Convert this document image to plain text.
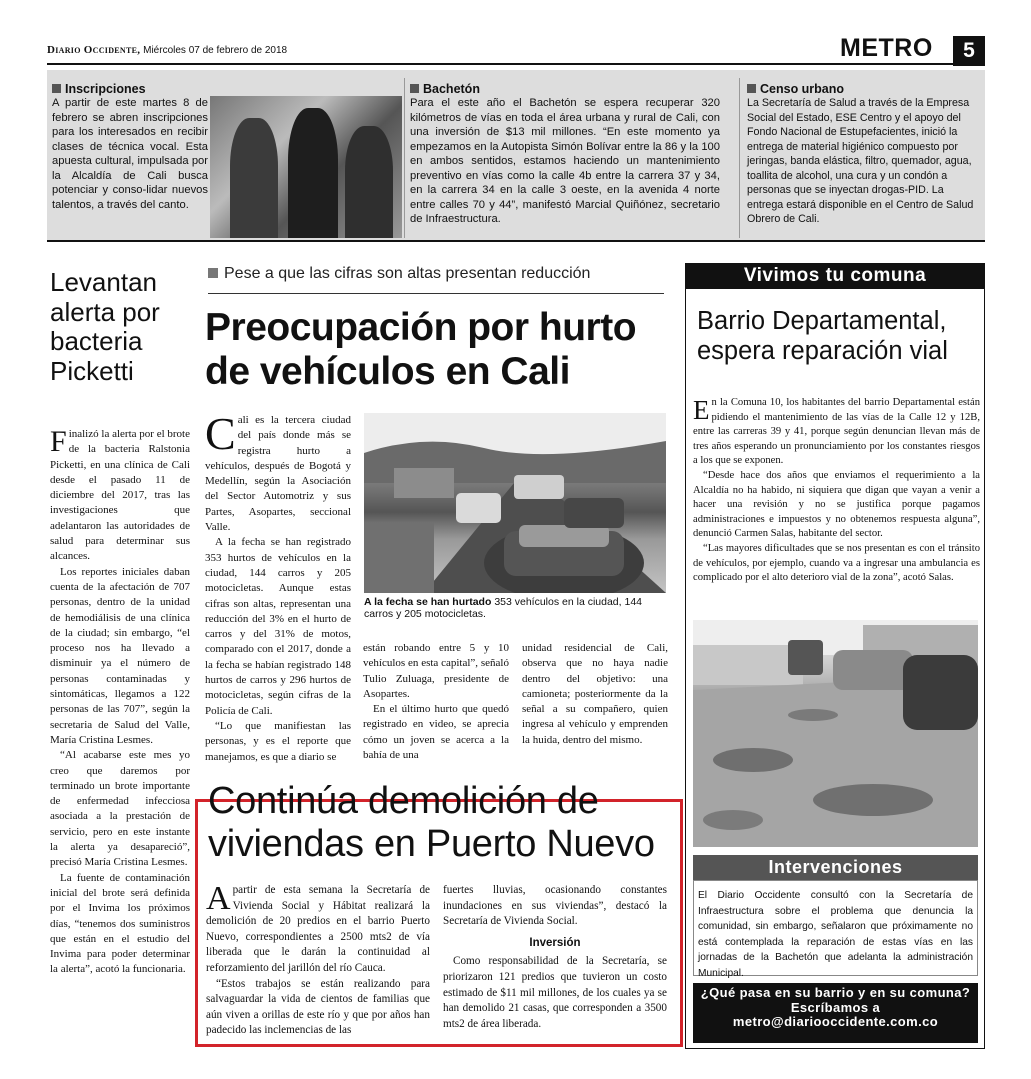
Diario Occidente, Miércoles 07 de febrero de 2018	METRO	5
Inscripciones

A partir de este martes 8 de febrero se abren inscripciones para los interesados en recibir clases de técnica vocal. Esta apuesta cultural, impulsada por la Alcaldía de Cali busca potenciar y conso-lidar nuevos talentos, a través del canto.

Bachetón

Para el este año el Bachetón se espera recuperar 320 kilómetros de vías en toda el área urbana y rural de Cali, con una inversión de $13 mil millones. “En este momento ya empezamos en la Autopista Simón Bolívar entre la 86 y la 100 en ambos sentidos, estamos haciendo un mantenimiento preventivo en vías como la calle 4b entre la carrera 37 y 34, en la carrera 34 en la calle 3 oeste, en la avenida 4 norte entre calles 70 y 44”, manifestó Marcial Quiñónez, secretario de Infraestructura.

Censo urbano

La Secretaría de Salud a través de la Empresa Social del Estado, ESE Centro y el apoyo del Fondo Nacional de Estupefacientes, inició la entrega de material higiénico compuesto por jeringas, banda elástica, filtro, quemador, agua, toallita de alcohol, una cura y un condón a personas que se inyectan drogas-PID. La entrega estará disponible en el Centro de Salud Obrero de Cali.

Levantan alerta por bacteria Picketti

Finalizó la alerta por el brote de la bacteria Ralstonia Picketti, en una clínica de Cali desde el pasado 11 de diciembre del 2017, tras las investigaciones que adelantaron las autoridades de salud para determinar sus alcances.

Los reportes iniciales daban cuenta de la afectación de 707 personas, dentro de la unidad de hemodiálisis de una clínica de la ciudad; sin embargo, “el proceso nos ha llevado a disminuir ya el número de personas contaminadas y sintomáticas, llegamos a 122 personas de las 707”, según la secretaria de Salud del Valle, María Cristina Lesmes.

“Al acabarse este mes yo creo que daremos por terminado un brote importante de enfermedad infecciosa asociada a la prestación de servicio, pero en este instante la alerta ya desapareció”, precisó María Cristina Lesmes.

La fuente de contaminación inicial del brote será definida por el Invima los próximos días, “tenemos dos suministros que están en el estudio del Invima para poder determinar la alerta”, acotó la funcionaria.

Pese a que las cifras son altas presentan reducción
Preocupación por hurto de vehículos en Cali

Cali es la tercera ciudad del país donde más se registra hurto a vehículos, después de Bogotá y Medellín, según la Asociación del Sector Automotriz y sus Partes, Asopartes, seccional Valle.

A la fecha se han registrado 353 hurtos de vehículos en la ciudad, 144 carros y 205 motocicletas. Aunque estas cifras son altas, representan una reducción del 3% en el hurto de carros y del 31% de motos, comparado con el 2017, donde a la fecha se habían registrado 148 hurtos de carros y 296 hurtos de motocicletas, según cifras de la Policía de Cali.

“Lo que manifiestan las personas, y es el reporte que manejamos, es que a diario se

A la fecha se han hurtado 353 vehículos en la ciudad, 144 carros y 205 motocicletas.

están robando entre 5 y 10 vehículos en esta capital”, señaló Tulio Zuluaga, presidente de Asopartes.

En el último hurto que quedó registrado en video, se aprecia cómo un joven se acerca a la bahía de una

unidad residencial de Cali, observa que no haya nadie dentro del objetivo: una camioneta; posteriormente da la señal a su compañero, quien ingresa al vehículo y emprenden la huida, dentro del mismo.

Continúa demolición de viviendas en Puerto Nuevo

Apartir de esta semana la Secretaría de Vivienda Social y Hábitat realizará la demolición de 20 predios en el barrio Puerto Nuevo, correspondientes a 2500 mts2 de vía liberada que le darán la continuidad al reforzamiento del jarillón del río Cauca.

“Estos trabajos se están realizando para salvaguardar la vida de cientos de familias que aún viven a orillas de este río y que por años han padecido las inclemencias de las

fuertes lluvias, ocasionando constantes inundaciones en sus viviendas”, destacó la Secretaría de Vivienda Social.

Inversión

Como responsabilidad de la Secretaría, se priorizaron 121 predios que tuvieron un costo estimado de $11 mil millones, de los cuales ya se han demolido 21 casas, que corresponden a 3500 mts2 de área liberada.

Vivimos tu comuna
Barrio Departamental, espera reparación vial

En la Comuna 10, los habitantes del barrio Departamental están pidiendo el mantenimiento de las vías de la Calle 12 y 12B, entre las carreras 39 y 41, porque según denuncian llevan más de tres años esperando un pronunciamiento por los constantes riesgos a los que se exponen.

“Desde hace dos años que enviamos el requerimiento a la Alcaldía no ha habido, ni siquiera que digan que vayan a venir a hacer una revisión y no se justifica porque pagamos administraciones e impuestos y no obtenemos respuesta alguna”, denunció Carmen Salas, habitante del sector.

“Las mayores dificultades que se nos presentan es con el tránsito de vehículos, por ejemplo, cuando va a ingresar una ambulancia es complicado por el alto deterioro vial de la zona”, acotó Salas.

Intervenciones

El Diario Occidente consultó con la Secretaría de Infraestructura sobre el problema que denuncia la comunidad, sin embargo, señalaron que próximamente no está contemplada la reparación de estas vías en las jornadas de la Bachetón que adelanta la administración Municipal.

¿Qué pasa en su barrio y en su comuna? Escríbamos a
metro@diariooccidente.com.co
